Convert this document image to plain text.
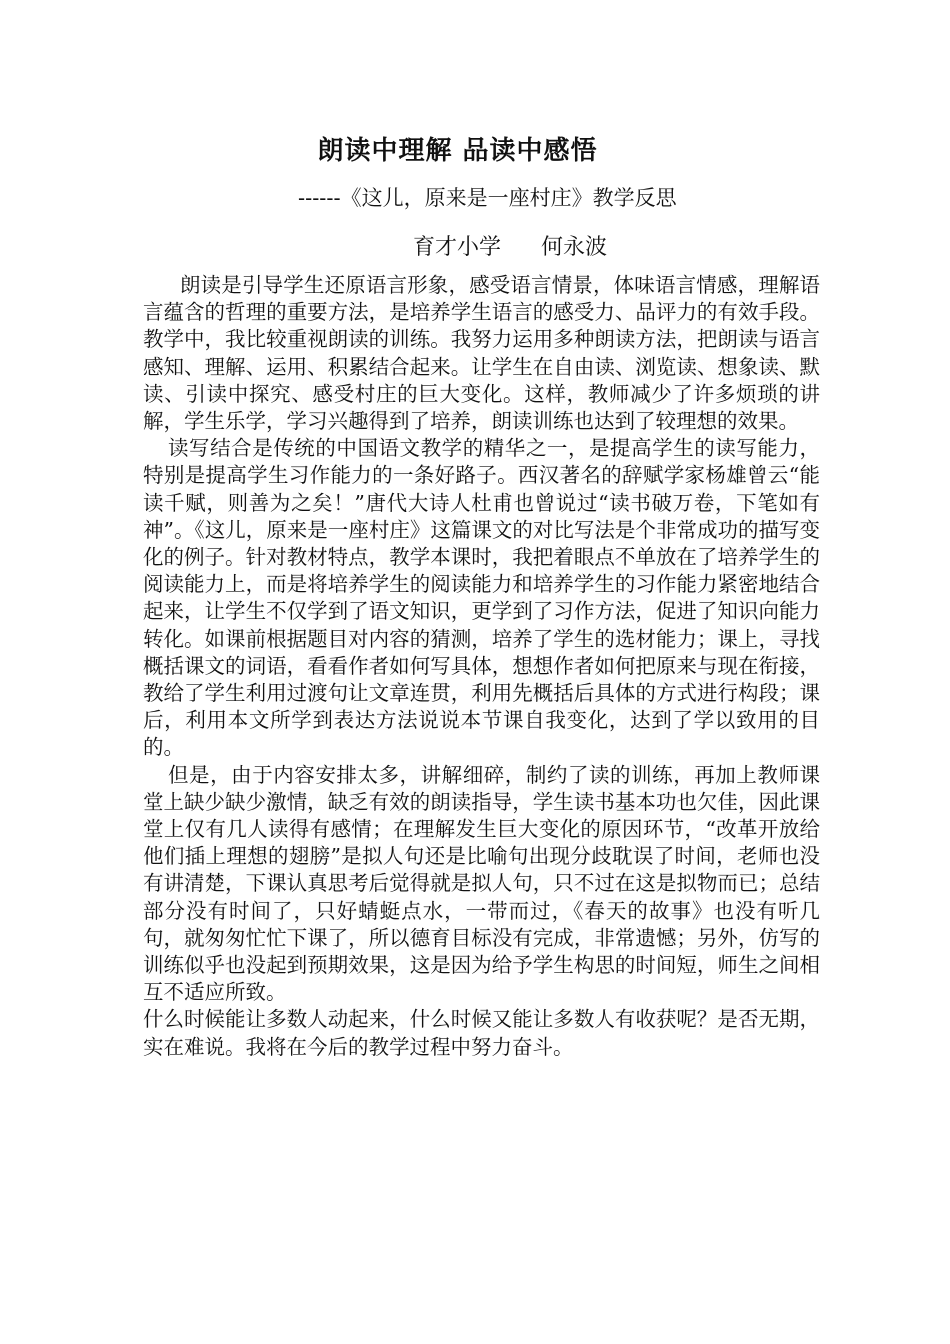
朗读中理解 品读中感悟

------《这儿，原来是一座村庄》教学反思

育才小学 何永波

朗读是引导学生还原语言形象，感受语言情景，体味语言情感，理解语言蕴含的哲理的重要方法，是培养学生语言的感受力、品评力的有效手段。教学中，我比较重视朗读的训练。我努力运用多种朗读方法，把朗读与语言感知、理解、运用、积累结合起来。让学生在自由读、浏览读、想象读、默读、引读中探究、感受村庄的巨大变化。这样，教师减少了许多烦琐的讲解，学生乐学，学习兴趣得到了培养，朗读训练也达到了较理想的效果。

读写结合是传统的中国语文教学的精华之一，是提高学生的读写能力，特别是提高学生习作能力的一条好路子。西汉著名的辞赋学家杨雄曾云“能读千赋，则善为之矣！”唐代大诗人杜甫也曾说过“读书破万卷，下笔如有神”。《这儿，原来是一座村庄》这篇课文的对比写法是个非常成功的描写变化的例子。针对教材特点，教学本课时，我把着眼点不单放在了培养学生的阅读能力上，而是将培养学生的阅读能力和培养学生的习作能力紧密地结合起来，让学生不仅学到了语文知识，更学到了习作方法，促进了知识向能力转化。如课前根据题目对内容的猜测，培养了学生的选材能力；课上，寻找概括课文的词语，看看作者如何写具体，想想作者如何把原来与现在衔接，教给了学生利用过渡句让文章连贯，利用先概括后具体的方式进行构段；课后，利用本文所学到表达方法说说本节课自我变化，达到了学以致用的目的。

但是，由于内容安排太多，讲解细碎，制约了读的训练，再加上教师课堂上缺少缺少激情，缺乏有效的朗读指导，学生读书基本功也欠佳，因此课堂上仅有几人读得有感情；在理解发生巨大变化的原因环节，“改革开放给他们插上理想的翅膀”是拟人句还是比喻句出现分歧耽误了时间，老师也没有讲清楚，下课认真思考后觉得就是拟人句，只不过在这是拟物而已；总结部分没有时间了，只好蜻蜓点水，一带而过，《春天的故事》也没有听几句，就匆匆忙忙下课了，所以德育目标没有完成，非常遗憾；另外，仿写的训练似乎也没起到预期效果，这是因为给予学生构思的时间短，师生之间相互不适应所致。

什么时候能让多数人动起来，什么时候又能让多数人有收获呢？是否无期，实在难说。我将在今后的教学过程中努力奋斗。
